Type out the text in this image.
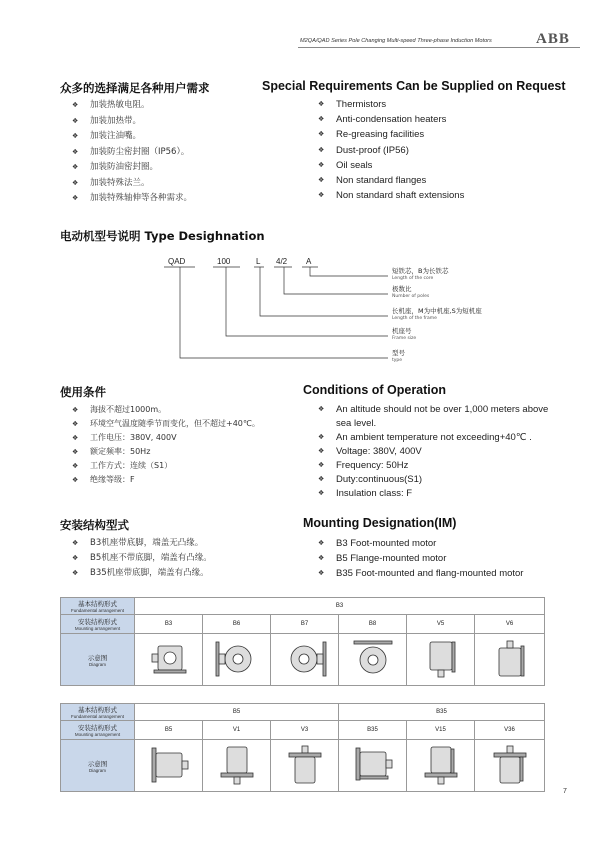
M2QA/QAD Series Pole Changing Multi-speed Three-phase Induction Motors	ABB
众多的选择满足各种用户需求	Special Requirements Can be Supplied on Request
❖ 加装热敏电阻。
❖ 加装加热带。
❖ 加装注油嘴。
❖ 加装防尘密封圈（IP56）。
❖ 加装防油密封圈。
❖ 加装特殊法兰。
❖ 加装特殊轴伸等各种需求。
❖ Thermistors
❖ Anti-condensation heaters
❖ Re-greasing facilities
❖ Dust-proof (IP56)
❖ Oil seals
❖ Non standard flanges
❖ Non standard shaft extensions
电动机型号说明 Type Desighnation
QAD	100	L 4/2 A
短铁芯，B为长铁芯
Length of the core
极数比
Number of poles
长机座，M为中机座,S为短机座
Length of the frame
机座号
Frame size
型号
type
使用条件	Conditions of Operation
❖ 海拔不超过1000m。
❖ 环境空气温度随季节而变化，但不超过+40℃。
❖ 工作电压：380V, 400V
❖ 额定频率：50Hz
❖ 工作方式：连续（S1）
❖ 绝缘等级：F
❖ An altitude should not be over 1,000 meters above sea level.
❖ An ambient temperature not exceeding+40℃ .
❖ Voltage: 380V, 400V
❖ Frequency: 50Hz
❖ Duty:continuous(S1)
❖ Insulation class: F
安装结构型式	Mounting Designation(IM)
❖ B3机座带底脚，端盖无凸缘。
❖ B5机座不带底脚，端盖有凸缘。
❖ B35机座带底脚，端盖有凸缘。
❖ B3 Foot-mounted motor
❖ B5 Flange-mounted motor
❖ B35 Foot-mounted and flang-mounted motor
基本结构形式
Fundamental arrangement	B3					
安装结构形式
Mounting arrangement	B3	B6	B7	B8	V5	V6
示意图
Diagram

基本结构形式
Fundamental arrangement	B5			B35		
安装结构形式
Mounting arrangement	B5	V1	V3	B35	V15	V36
示意图
Diagram

7
